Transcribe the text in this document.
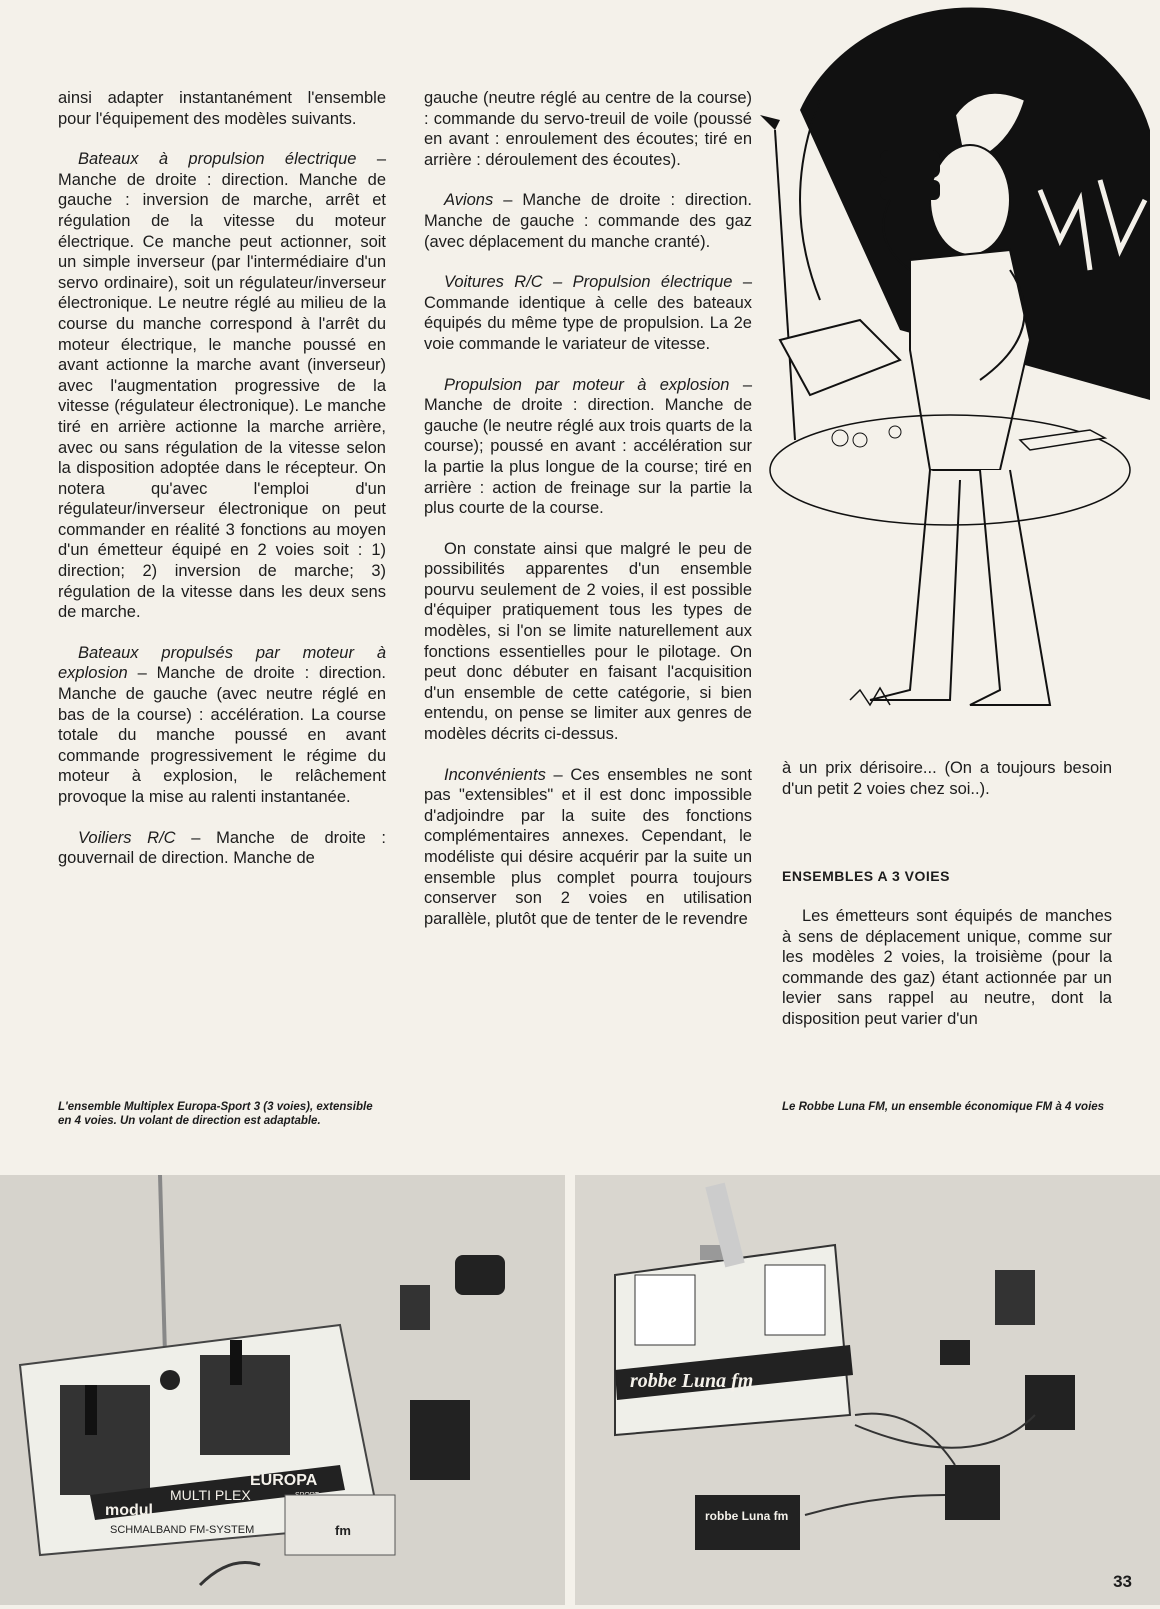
ainsi adapter instantanément l'ensemble pour l'équipement des modèles suivants.

Bateaux à propulsion électrique – Manche de droite : direction. Manche de gauche : inversion de marche, arrêt et régulation de la vitesse du moteur électrique. Ce manche peut actionner, soit un simple inverseur (par l'intermédiaire d'un servo ordinaire), soit un régulateur/inverseur électronique. Le neutre réglé au milieu de la course du manche correspond à l'arrêt du moteur électrique, le manche poussé en avant actionne la marche avant (inverseur) avec l'augmentation progressive de la vitesse (régulateur électronique). Le manche tiré en arrière actionne la marche arrière, avec ou sans régulation de la vitesse selon la disposition adoptée dans le récepteur. On notera qu'avec l'emploi d'un régulateur/inverseur électronique on peut commander en réalité 3 fonctions au moyen d'un émetteur équipé en 2 voies soit : 1) direction; 2) inversion de marche; 3) régulation de la vitesse dans les deux sens de marche.

Bateaux propulsés par moteur à explosion – Manche de droite : direction. Manche de gauche (avec neutre réglé en bas de la course) : accélération. La course totale du manche poussé en avant commande progressivement le régime du moteur à explosion, le relâchement provoque la mise au ralenti instantanée.

Voiliers R/C – Manche de droite : gouvernail de direction. Manche de

gauche (neutre réglé au centre de la course) : commande du servo-treuil de voile (poussé en avant : enroulement des écoutes; tiré en arrière : déroulement des écoutes).

Avions – Manche de droite : direction. Manche de gauche : commande des gaz (avec déplacement du manche cranté).

Voitures R/C – Propulsion électrique – Commande identique à celle des bateaux équipés du même type de propulsion. La 2e voie commande le variateur de vitesse.

Propulsion par moteur à explosion – Manche de droite : direction. Manche de gauche (le neutre réglé aux trois quarts de la course); poussé en avant : accélération sur la partie la plus longue de la course; tiré en arrière : action de freinage sur la partie la plus courte de la course.

On constate ainsi que malgré le peu de possibilités apparentes d'un ensemble pourvu seulement de 2 voies, il est possible d'équiper pratiquement tous les types de modèles, si l'on se limite naturellement aux fonctions essentielles pour le pilotage. On peut donc débuter en faisant l'acquisition d'un ensemble de cette catégorie, si bien entendu, on pense se limiter aux genres de modèles décrits ci-dessus.

Inconvénients – Ces ensembles ne sont pas "extensibles" et il est donc impossible d'adjoindre par la suite des fonctions complémentaires annexes. Cependant, le modéliste qui désire acquérir par la suite un ensemble plus complet pourra toujours conserver son 2 voies en utilisation parallèle, plutôt que de tenter de le revendre

à un prix dérisoire... (On a toujours besoin d'un petit 2 voies chez soi..).

ENSEMBLES A 3 VOIES

Les émetteurs sont équipés de manches à sens de déplacement unique, comme sur les modèles 2 voies, la troisième (pour la commande des gaz) étant actionnée par un levier sans rappel au neutre, dont la disposition peut varier d'un

L'ensemble Multiplex Europa-Sport 3 (3 voies), extensible en 4 voies. Un volant de direction est adaptable.
Le Robbe Luna FM, un ensemble économique FM à 4 voies
modul
MULTI PLEX
EUROPA
SCHMALBAND FM-SYSTEM	fm
robbe Luna fm
robbe Luna fm
33
